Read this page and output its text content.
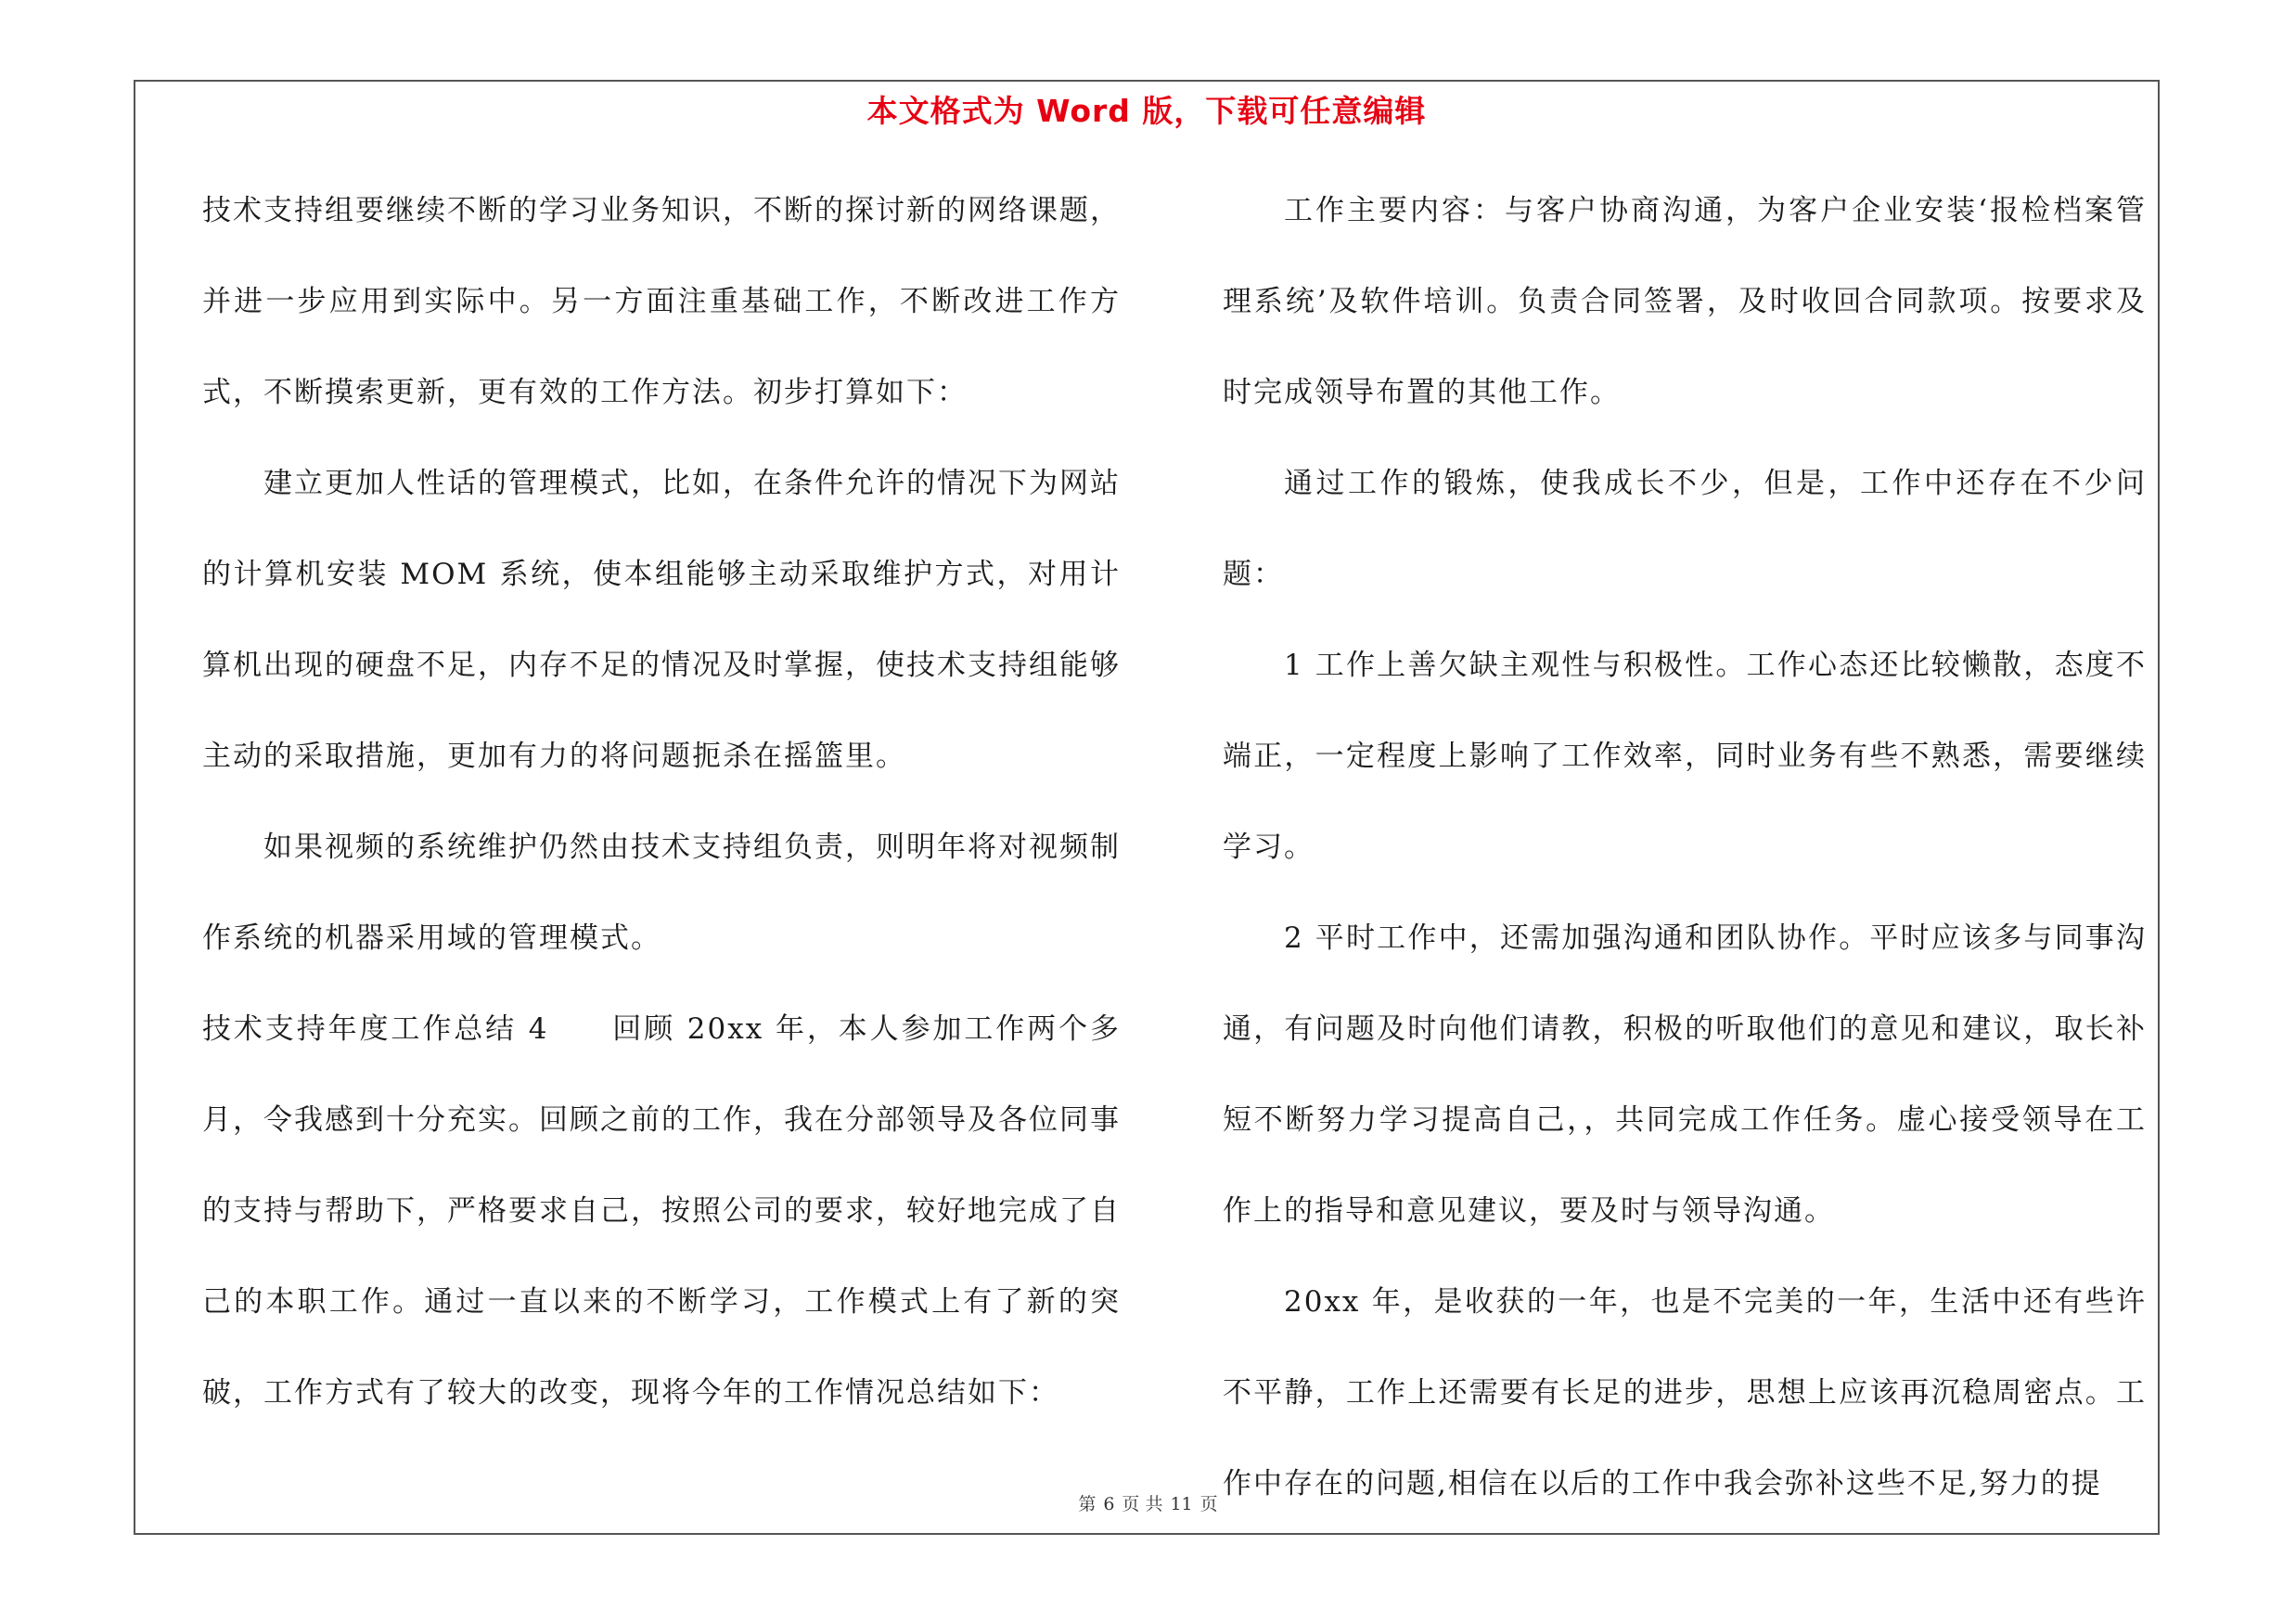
本文格式为 Word 版，下载可任意编辑

技术支持组要继续不断的学习业务知识，不断的探讨新的网络课题，并进一步应用到实际中。另一方面注重基础工作，不断改进工作方式，不断摸索更新，更有效的工作方法。初步打算如下：

建立更加人性话的管理模式，比如，在条件允许的情况下为网站的计算机安装 MOM 系统，使本组能够主动采取维护方式，对用计算机出现的硬盘不足，内存不足的情况及时掌握，使技术支持组能够主动的采取措施，更加有力的将问题扼杀在摇篮里。

如果视频的系统维护仍然由技术支持组负责，则明年将对视频制作系统的机器采用域的管理模式。

技术支持年度工作总结 4　　回顾 20xx 年，本人参加工作两个多月，令我感到十分充实。回顾之前的工作，我在分部领导及各位同事的支持与帮助下，严格要求自己，按照公司的要求，较好地完成了自己的本职工作。通过一直以来的不断学习，工作模式上有了新的突破，工作方式有了较大的改变，现将今年的工作情况总结如下：

工作主要内容：与客户协商沟通，为客户企业安装‘报检档案管理系统’及软件培训。负责合同签署，及时收回合同款项。按要求及时完成领导布置的其他工作。

通过工作的锻炼，使我成长不少，但是，工作中还存在不少问题：

1 工作上善欠缺主观性与积极性。工作心态还比较懒散，态度不端正，一定程度上影响了工作效率，同时业务有些不熟悉，需要继续学习。

2 平时工作中，还需加强沟通和团队协作。平时应该多与同事沟通，有问题及时向他们请教，积极的听取他们的意见和建议，取长补短不断努力学习提高自己，，共同完成工作任务。虚心接受领导在工作上的指导和意见建议，要及时与领导沟通。

20xx 年，是收获的一年，也是不完美的一年，生活中还有些许不平静，工作上还需要有长足的进步，思想上应该再沉稳周密点。工作中存在的问题,相信在以后的工作中我会弥补这些不足,努力的提

第 6 页 共 11 页
